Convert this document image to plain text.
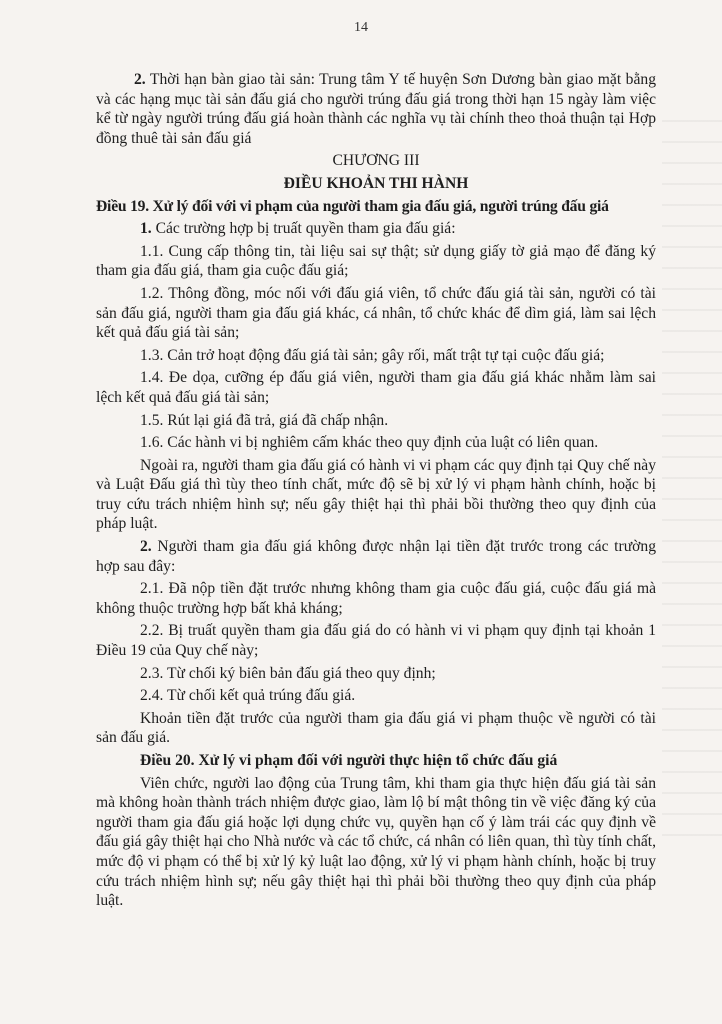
14

2. Thời hạn bàn giao tài sản: Trung tâm Y tế huyện Sơn Dương bàn giao mặt bằng và các hạng mục tài sản đấu giá cho người trúng đấu giá trong thời hạn 15 ngày làm việc kể từ ngày người trúng đấu giá hoàn thành các nghĩa vụ tài chính theo thoả thuận tại Hợp đồng thuê tài sản đấu giá

CHƯƠNG III

ĐIỀU KHOẢN THI HÀNH

Điều 19. Xử lý đối với vi phạm của người tham gia đấu giá, người trúng đấu giá

1. Các trường hợp bị truất quyền tham gia đấu giá:

1.1. Cung cấp thông tin, tài liệu sai sự thật; sử dụng giấy tờ giả mạo để đăng ký tham gia đấu giá, tham gia cuộc đấu giá;

1.2. Thông đồng, móc nối với đấu giá viên, tổ chức đấu giá tài sản, người có tài sản đấu giá, người tham gia đấu giá khác, cá nhân, tổ chức khác để dìm giá, làm sai lệch kết quả đấu giá tài sản;

1.3. Cản trở hoạt động đấu giá tài sản; gây rối, mất trật tự tại cuộc đấu giá;

1.4. Đe dọa, cưỡng ép đấu giá viên, người tham gia đấu giá khác nhằm làm sai lệch kết quả đấu giá tài sản;

1.5. Rút lại giá đã trả, giá đã chấp nhận.

1.6. Các hành vi bị nghiêm cấm khác theo quy định của luật có liên quan.

Ngoài ra, người tham gia đấu giá có hành vi vi phạm các quy định tại Quy chế này và Luật Đấu giá thì tùy theo tính chất, mức độ sẽ bị xử lý vi phạm hành chính, hoặc bị truy cứu trách nhiệm hình sự; nếu gây thiệt hại thì phải bồi thường theo quy định của pháp luật.

2. Người tham gia đấu giá không được nhận lại tiền đặt trước trong các trường hợp sau đây:

2.1. Đã nộp tiền đặt trước nhưng không tham gia cuộc đấu giá, cuộc đấu giá mà không thuộc trường hợp bất khả kháng;

2.2. Bị truất quyền tham gia đấu giá do có hành vi vi phạm quy định tại khoản 1 Điều 19 của Quy chế này;

2.3. Từ chối ký biên bản đấu giá theo quy định;

2.4. Từ chối kết quả trúng đấu giá.

Khoản tiền đặt trước của người tham gia đấu giá vi phạm thuộc về người có tài sản đấu giá.

Điều 20. Xử lý vi phạm đối với người thực hiện tổ chức đấu giá

Viên chức, người lao động của Trung tâm, khi tham gia thực hiện đấu giá tài sản mà không hoàn thành trách nhiệm được giao, làm lộ bí mật thông tin về việc đăng ký của người tham gia đấu giá hoặc lợi dụng chức vụ, quyền hạn cố ý làm trái các quy định về đấu giá gây thiệt hại cho Nhà nước và các tổ chức, cá nhân có liên quan, thì tùy tính chất, mức độ vi phạm có thể bị xử lý kỷ luật lao động, xử lý vi phạm hành chính, hoặc bị truy cứu trách nhiệm hình sự; nếu gây thiệt hại thì phải bồi thường theo quy định của pháp luật.
